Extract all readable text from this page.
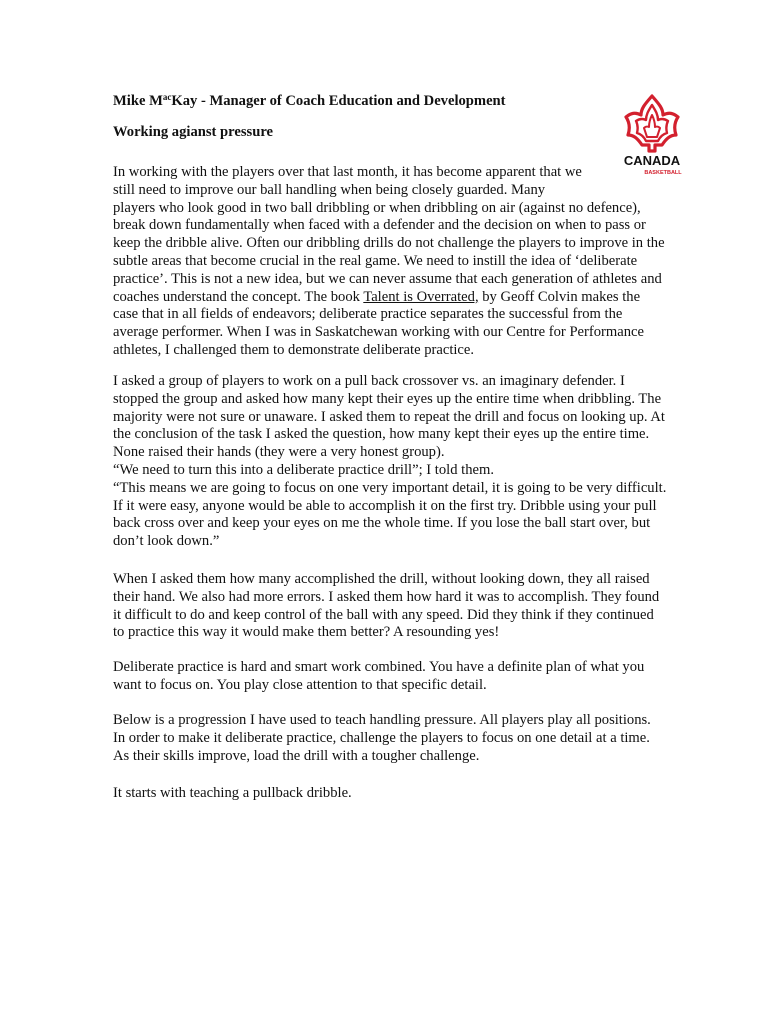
Mike $M^{ac}Kay$ - Manager of Coach Education and Development
Working agianst pressure
CANADA
BASKETBALL
In working with the players over that last month, it has become apparent that we
still need to improve our ball handling when being closely guarded. Many
players who look good in two ball dribbling or when dribbling on air (against no defence),
break down fundamentally when faced with a defender and the decision on when to pass or
keep the dribble alive. Often our dribbling drills do not challenge the players to improve in the
subtle areas that become crucial in the real game. We need to instill the idea of ‘deliberate
practice’. This is not a new idea, but we can never assume that each generation of athletes and
coaches understand the concept. The book Talent is Overrated, by Geoff Colvin makes the
case that in all fields of endeavors; deliberate practice separates the successful from the
average performer. When I was in Saskatchewan working with our Centre for Performance
athletes, I challenged them to demonstrate deliberate practice.
I asked a group of players to work on a pull back crossover vs. an imaginary defender. I
stopped the group and asked how many kept their eyes up the entire time when dribbling. The
majority were not sure or unaware. I asked them to repeat the drill and focus on looking up. At
the conclusion of the task I asked the question, how many kept their eyes up the entire time.
None raised their hands (they were a very honest group).
“We need to turn this into a deliberate practice drill”; I told them.
“This means we are going to focus on one very important detail, it is going to be very difficult.
If it were easy, anyone would be able to accomplish it on the first try. Dribble using your pull
back cross over and keep your eyes on me the whole time. If you lose the ball start over, but
don’t look down.”
When I asked them how many accomplished the drill, without looking down, they all raised
their hand. We also had more errors. I asked them how hard it was to accomplish. They found
it difficult to do and keep control of the ball with any speed. Did they think if they continued
to practice this way it would make them better? A resounding yes!
Deliberate practice is hard and smart work combined. You have a definite plan of what you
want to focus on. You play close attention to that specific detail.
Below is a progression I have used to teach handling pressure. All players play all positions.
In order to make it deliberate practice, challenge the players to focus on one detail at a time.
As their skills improve, load the drill with a tougher challenge.
It starts with teaching a pullback dribble.
